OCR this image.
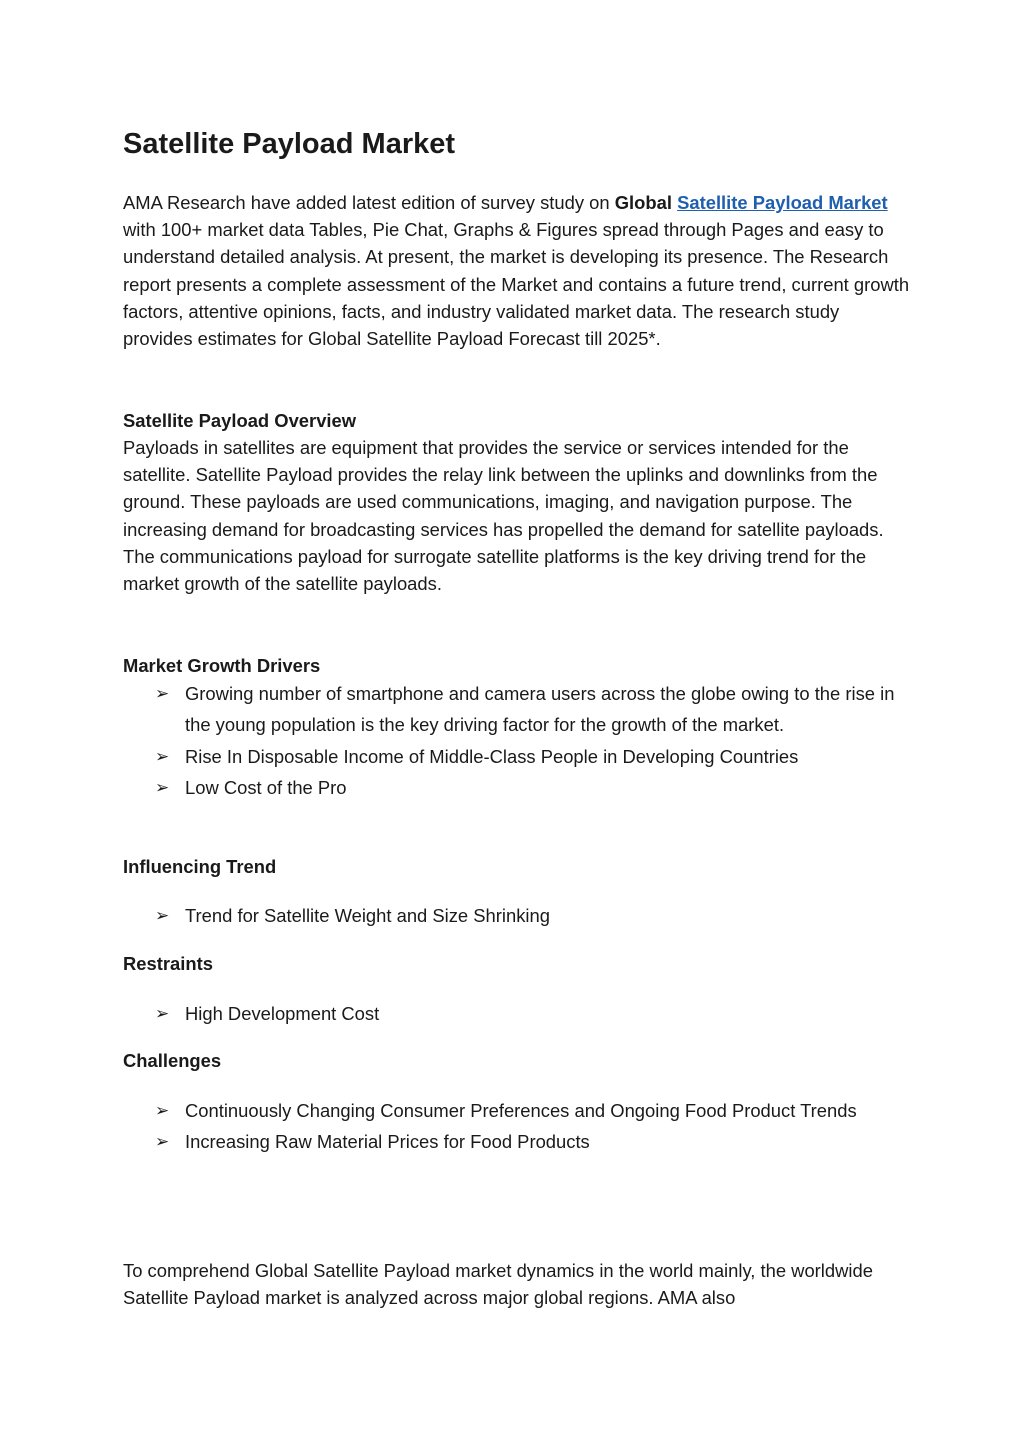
Satellite Payload Market

AMA Research have added latest edition of survey study on Global Satellite Payload Market with 100+ market data Tables, Pie Chat, Graphs & Figures spread through Pages and easy to understand detailed analysis. At present, the market is developing its presence. The Research report presents a complete assessment of the Market and contains a future trend, current growth factors, attentive opinions, facts, and industry validated market data. The research study provides estimates for Global Satellite Payload Forecast till 2025*.

Satellite Payload Overview

Payloads in satellites are equipment that provides the service or services intended for the satellite. Satellite Payload provides the relay link between the uplinks and downlinks from the ground. These payloads are used communications, imaging, and navigation purpose. The increasing demand for broadcasting services has propelled the demand for satellite payloads. The communications payload for surrogate satellite platforms is the key driving trend for the market growth of the satellite payloads.

Market Growth Drivers

➢ Growing number of smartphone and camera users across the globe owing to the rise in the young population is the key driving factor for the growth of the market.
➢ Rise In Disposable Income of Middle-Class People in Developing Countries
➢ Low Cost of the Pro

Influencing Trend

➢ Trend for Satellite Weight and Size Shrinking

Restraints

➢ High Development Cost

Challenges

➢ Continuously Changing Consumer Preferences and Ongoing Food Product Trends
➢ Increasing Raw Material Prices for Food Products

To comprehend Global Satellite Payload market dynamics in the world mainly, the worldwide Satellite Payload market is analyzed across major global regions. AMA also
